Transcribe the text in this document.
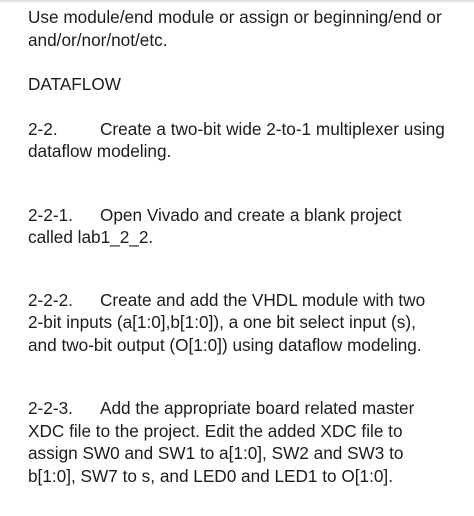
Use module/end module or assign or beginning/end or
and/or/nor/not/etc.
DATAFLOW
2-2. Create a two-bit wide 2-to-1 multiplexer using
dataflow modeling.
2-2-1. Open Vivado and create a blank project
called lab1_2_2.
2-2-2. Create and add the VHDL module with two
2-bit inputs (a[1:0],b[1:0]), a one bit select input (s),
and two-bit output (O[1:0]) using dataflow modeling.
2-2-3. Add the appropriate board related master
XDC file to the project. Edit the added XDC file to
assign SW0 and SW1 to a[1:0], SW2 and SW3 to
b[1:0], SW7 to s, and LED0 and LED1 to O[1:0].
